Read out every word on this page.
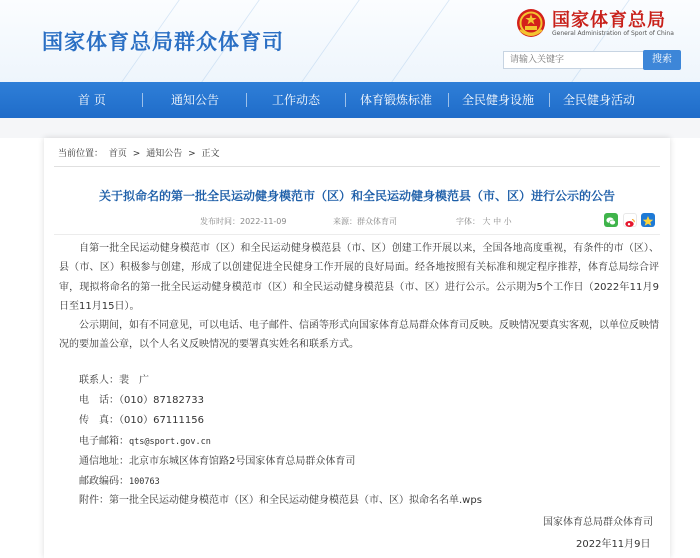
国家体育总局群众体育司
国家体育总局
General Administration of Sport of China
请输入关键字
搜索
首 页	通知公告	工作动态	体育锻炼标准 全民健身设施 全民健身活动
当前位置： 首页 > 通知公告 > 正文
关于拟命名的第一批全民运动健身模范市（区）和全民运动健身模范县（市、区）进行公示的公告
发布时间：2022-11-09	来源：群众体育司	字体： 大 中 小

自第一批全民运动健身模范市（区）和全民运动健身模范县（市、区）创建工作开展以来，全国各地高度重视，有条件的市（区）、县（市、区）积极参与创建，形成了以创建促进全民健身工作开展的良好局面。经各地按照有关标准和规定程序推荐，体育总局综合评审，现拟将命名的第一批全民运动健身模范市（区）和全民运动健身模范县（市、区）进行公示。公示期为5个工作日（2022年11月9日至11月15日）。

公示期间，如有不同意见，可以电话、电子邮件、信函等形式向国家体育总局群众体育司反映。反映情况要真实客观，以单位反映情况的要加盖公章，以个人名义反映情况的要署真实姓名和联系方式。

联系人：裴　广
电　话：（010）87182733
传　真：（010）67111156
电子邮箱：qts@sport.gov.cn
通信地址：北京市东城区体育馆路2号国家体育总局群众体育司
邮政编码：100763
附件：第一批全民运动健身模范市（区）和全民运动健身模范县（市、区）拟命名名单.wps
国家体育总局群众体育司
2022年11月9日
